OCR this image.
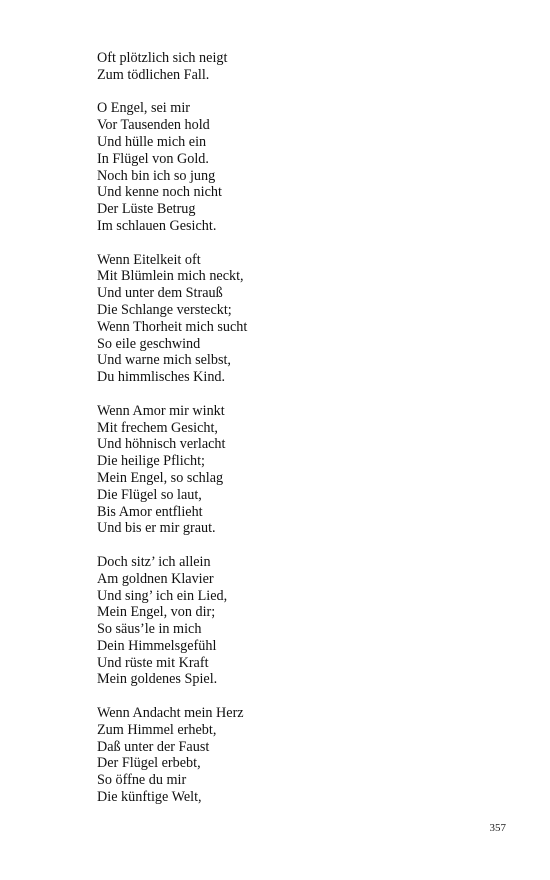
Oft plötzlich sich neigt
Zum tödlichen Fall.
O Engel, sei mir
Vor Tausenden hold
Und hülle mich ein
In Flügel von Gold.
Noch bin ich so jung
Und kenne noch nicht
Der Lüste Betrug
Im schlauen Gesicht.
Wenn Eitelkeit oft
Mit Blümlein mich neckt,
Und unter dem Strauß
Die Schlange versteckt;
Wenn Thorheit mich sucht
So eile geschwind
Und warne mich selbst,
Du himmlisches Kind.
Wenn Amor mir winkt
Mit frechem Gesicht,
Und höhnisch verlacht
Die heilige Pflicht;
Mein Engel, so schlag
Die Flügel so laut,
Bis Amor entflieht
Und bis er mir graut.
Doch sitz’ ich allein
Am goldnen Klavier
Und sing’ ich ein Lied,
Mein Engel, von dir;
So säus’le in mich
Dein Himmelsgefühl
Und rüste mit Kraft
Mein goldenes Spiel.
Wenn Andacht mein Herz
Zum Himmel erhebt,
Daß unter der Faust
Der Flügel erbebt,
So öffne du mir
Die künftige Welt,
357
